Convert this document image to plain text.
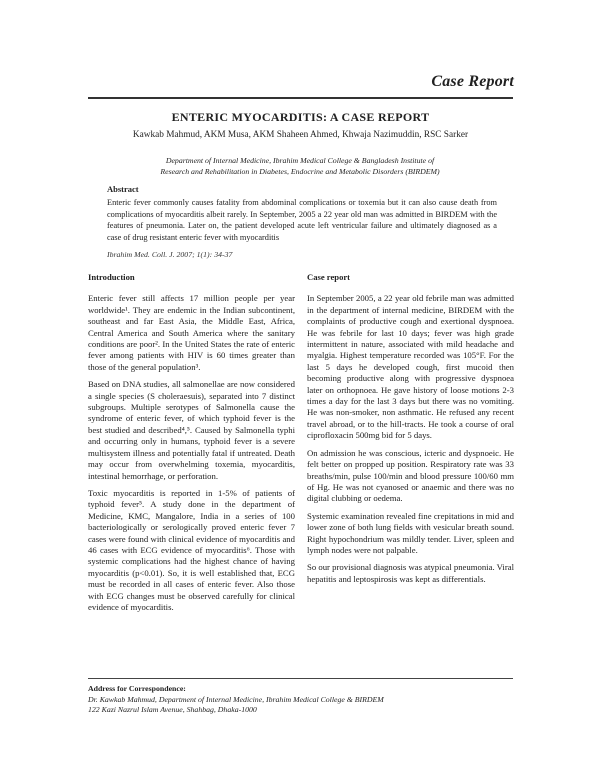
Case Report
ENTERIC MYOCARDITIS: A CASE REPORT
Kawkab Mahmud, AKM Musa, AKM Shaheen Ahmed, Khwaja Nazimuddin, RSC Sarker
Department of Internal Medicine, Ibrahim Medical College & Bangladesh Institute of
Research and Rehabilitation in Diabetes, Endocrine and Metabolic Disorders (BIRDEM)
Abstract
Enteric fever commonly causes fatality from abdominal complications or toxemia but it can also cause death from complications of myocarditis albeit rarely. In September, 2005 a 22 year old man was admitted in BIRDEM with the features of pneumonia. Later on, the patient developed acute left ventricular failure and ultimately diagnosed as a case of drug resistant enteric fever with myocarditis
Ibrahim Med. Coll. J. 2007; 1(1): 34-37
Introduction

Enteric fever still affects 17 million people per year worldwide¹. They are endemic in the Indian subcontinent, southeast and far East Asia, the Middle East, Africa, Central America and South America where the sanitary conditions are poor². In the United States the rate of enteric fever among patients with HIV is 60 times greater than those of the general population³.

Based on DNA studies, all salmonellae are now considered a single species (S choleraesuis), separated into 7 distinct subgroups. Multiple serotypes of Salmonella cause the syndrome of enteric fever, of which typhoid fever is the best studied and described⁴,⁵. Caused by Salmonella typhi and occurring only in humans, typhoid fever is a severe multisystem illness and potentially fatal if untreated. Death may occur from overwhelming toxemia, myocarditis, intestinal hemorrhage, or perforation.

Toxic myocarditis is reported in 1-5% of patients of typhoid fever⁵. A study done in the department of Medicine, KMC, Mangalore, India in a series of 100 bacteriologically or serologically proved enteric fever 7 cases were found with clinical evidence of myocarditis and 46 cases with ECG evidence of myocarditis⁶. Those with systemic complications had the highest chance of having myocarditis (p<0.01). So, it is well established that, ECG must be recorded in all cases of enteric fever. Also those with ECG changes must be observed carefully for clinical evidence of myocarditis.

Case report

In September 2005, a 22 year old febrile man was admitted in the department of internal medicine, BIRDEM with the complaints of productive cough and exertional dyspnoea. He was febrile for last 10 days; fever was high grade intermittent in nature, associated with mild headache and myalgia. Highest temperature recorded was 105°F. For the last 5 days he developed cough, first mucoid then becoming productive along with progressive dyspnoea later on orthopnoea. He gave history of loose motions 2-3 times a day for the last 3 days but there was no vomiting. He was non-smoker, non asthmatic. He refused any recent travel abroad, or to the hill-tracts. He took a course of oral ciprofloxacin 500mg bid for 5 days.

On admission he was conscious, icteric and dyspnoeic. He felt better on propped up position. Respiratory rate was 33 breaths/min, pulse 100/min and blood pressure 100/60 mm of Hg. He was not cyanosed or anaemic and there was no digital clubbing or oedema.

Systemic examination revealed fine crepitations in mid and lower zone of both lung fields with vesicular breath sound. Right hypochondrium was mildly tender. Liver, spleen and lymph nodes were not palpable.

So our provisional diagnosis was atypical pneumonia. Viral hepatitis and leptospirosis was kept as differentials.

Address for Correspondence:
Dr. Kawkab Mahmud, Department of Internal Medicine, Ibrahim Medical College & BIRDEM
122 Kazi Nazrul Islam Avenue, Shahbag, Dhaka-1000
